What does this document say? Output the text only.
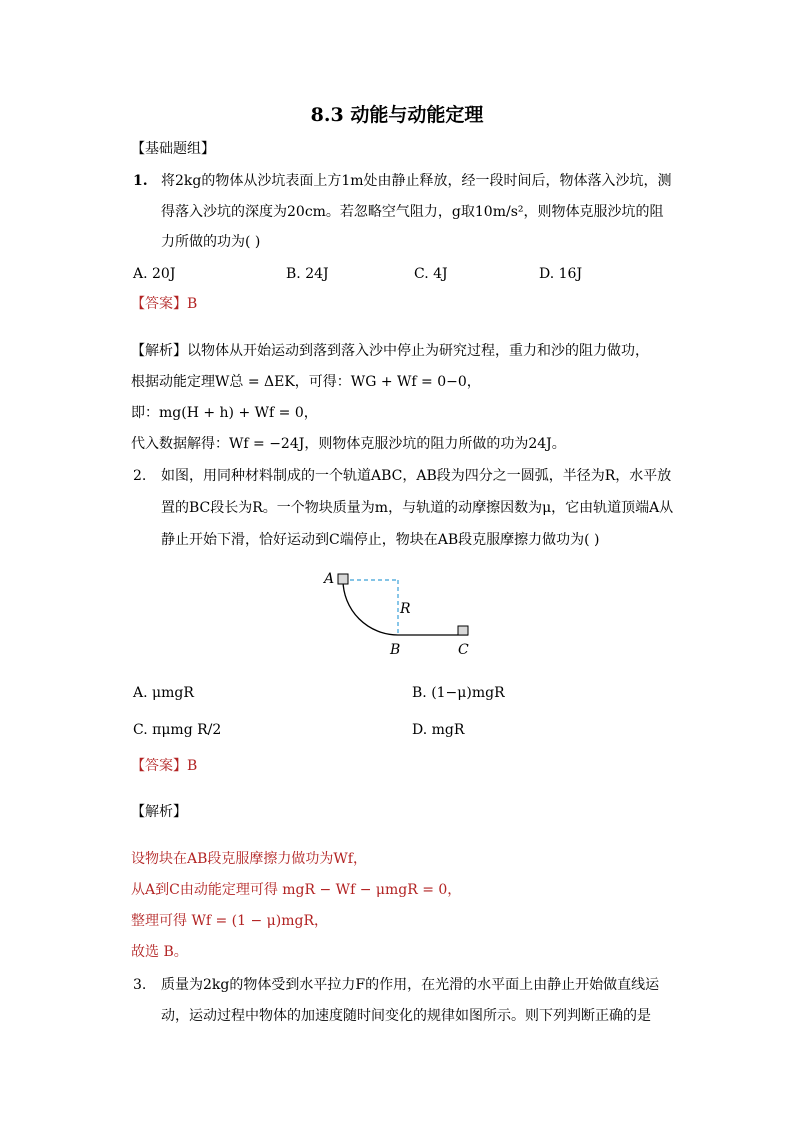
8.3 动能与动能定理
【基础题组】
1. 将2kg的物体从沙坑表面上方1m处由静止释放，经一段时间后，物体落入沙坑，测
得落入沙坑的深度为20cm。若忽略空气阻力，g取10m/s²，则物体克服沙坑的阻
力所做的功为( )
A. 20J	B. 24J	C. 4J	D. 16J
【答案】B
【解析】以物体从开始运动到落到落入沙中停止为研究过程，重力和沙的阻力做功，
根据动能定理W总 = ΔEK，可得：WG + Wf = 0−0，
即：mg(H + h) + Wf = 0，
代入数据解得：Wf = −24J，则物体克服沙坑的阻力所做的功为24J。
2. 如图，用同种材料制成的一个轨道ABC，AB段为四分之一圆弧，半径为R，水平放
置的BC段长为R。一个物块质量为m，与轨道的动摩擦因数为μ，它由轨道顶端A从
静止开始下滑，恰好运动到C端停止，物块在AB段克服摩擦力做功为( )
A
R
B	C
A. μmgR	B. (1−μ)mgR
C. πμmg R/2	D. mgR
【答案】B
【解析】
设物块在AB段克服摩擦力做功为Wf，
从A到C由动能定理可得 mgR − Wf − μmgR = 0，
整理可得 Wf = (1 − μ)mgR，
故选 B。
3. 质量为2kg的物体受到水平拉力F的作用，在光滑的水平面上由静止开始做直线运
动，运动过程中物体的加速度随时间变化的规律如图所示。则下列判断正确的是
